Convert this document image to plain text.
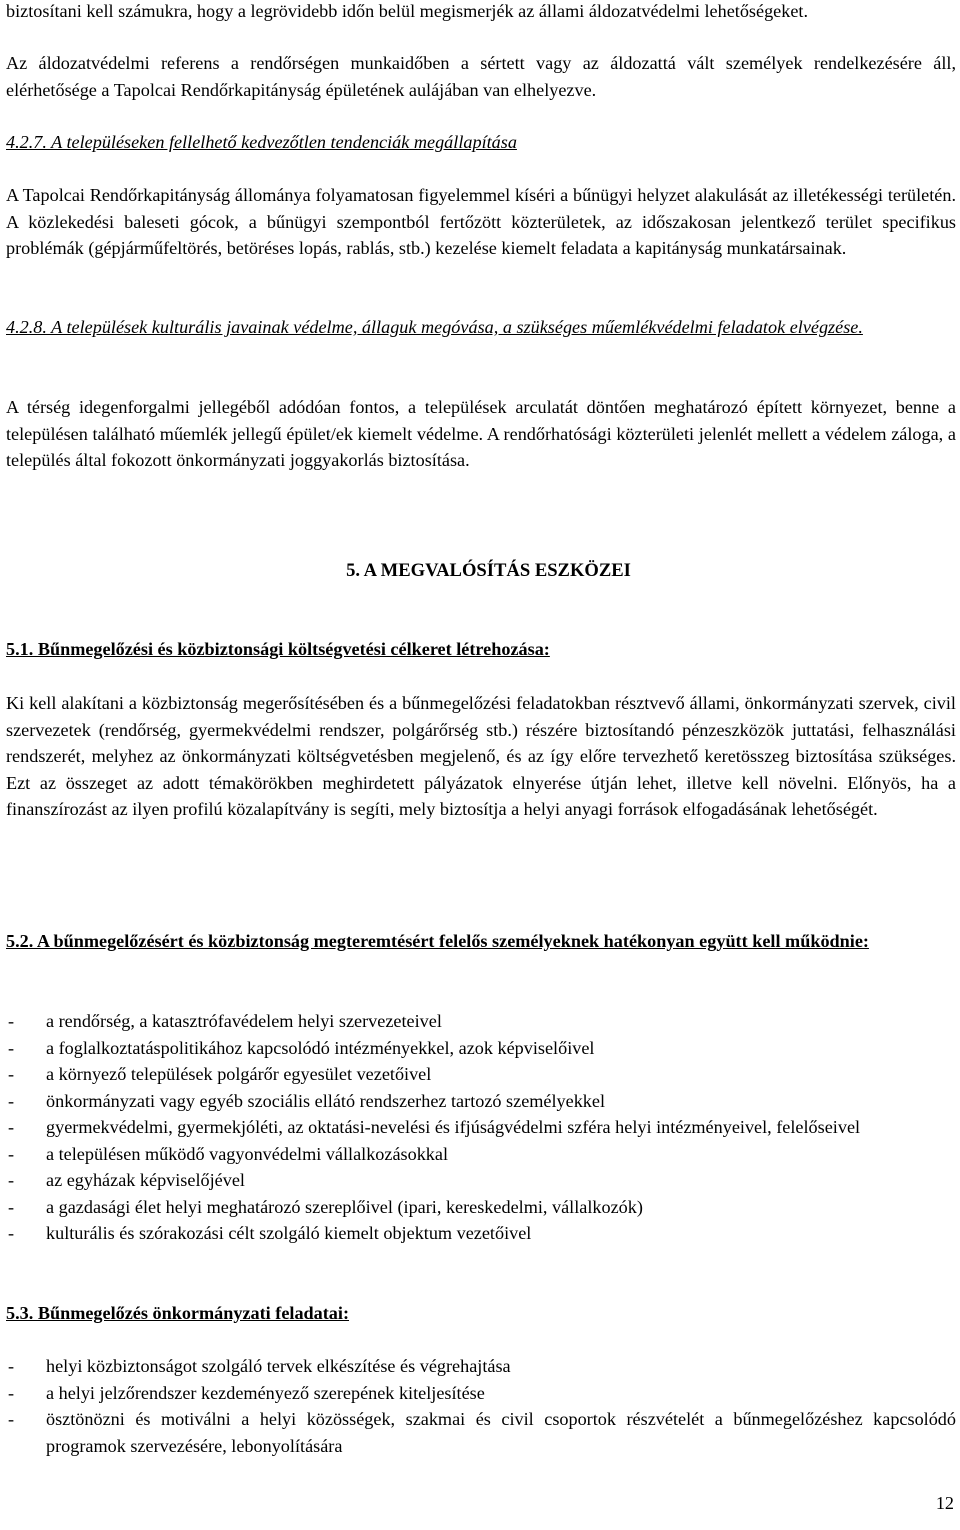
biztosítani kell számukra, hogy a legrövidebb időn belül megismerjék az állami áldozatvédelmi lehetőségeket.

Az áldozatvédelmi referens a rendőrségen munkaidőben a sértett vagy az áldozattá vált személyek rendelkezésére áll, elérhetősége a Tapolcai Rendőrkapitányság épületének aulájában van elhelyezve.

4.2.7. A településeken fellelhető kedvezőtlen tendenciák megállapítása

A Tapolcai Rendőrkapitányság állománya folyamatosan figyelemmel kíséri a bűnügyi helyzet alakulását az illetékességi területén. A közlekedési baleseti gócok, a bűnügyi szempontból fertőzött közterületek, az időszakosan jelentkező terület specifikus problémák (gépjárműfeltörés, betöréses lopás, rablás, stb.) kezelése kiemelt feladata a kapitányság munkatársainak.

4.2.8. A települések kulturális javainak védelme, állaguk megóvása, a szükséges műemlékvédelmi feladatok elvégzése.

A térség idegenforgalmi jellegéből adódóan fontos, a települések arculatát döntően meghatározó épített környezet, benne a településen található műemlék jellegű épület/ek kiemelt védelme. A rendőrhatósági közterületi jelenlét mellett a védelem záloga, a település által fokozott önkormányzati joggyakorlás biztosítása.

5. A MEGVALÓSÍTÁS ESZKÖZEI

5.1. Bűnmegelőzési és közbiztonsági költségvetési célkeret létrehozása:

Ki kell alakítani a közbiztonság megerősítésében és a bűnmegelőzési feladatokban résztvevő állami, önkormányzati szervek, civil szervezetek (rendőrség, gyermekvédelmi rendszer, polgárőrség stb.) részére biztosítandó pénzeszközök juttatási, felhasználási rendszerét, melyhez az önkormányzati költségvetésben megjelenő, és az így előre tervezhető keretösszeg biztosítása szükséges. Ezt az összeget az adott témakörökben meghirdetett pályázatok elnyerése útján lehet, illetve kell növelni. Előnyös, ha a finanszírozást az ilyen profilú közalapítvány is segíti, mely biztosítja a helyi anyagi források elfogadásának lehetőségét.

5.2. A bűnmegelőzésért és közbiztonság megteremtésért felelős személyeknek hatékonyan együtt kell működnie:

- a rendőrség, a katasztrófavédelem helyi szervezeteivel
- a foglalkoztatáspolitikához kapcsolódó intézményekkel, azok képviselőivel
- a környező települések polgárőr egyesület vezetőivel
- önkormányzati vagy egyéb szociális ellátó rendszerhez tartozó személyekkel
- gyermekvédelmi, gyermekjóléti, az oktatási-nevelési és ifjúságvédelmi szféra helyi intézményeivel, felelőseivel
- a településen működő vagyonvédelmi vállalkozásokkal
- az egyházak képviselőjével
- a gazdasági élet helyi meghatározó szereplőivel (ipari, kereskedelmi, vállalkozók)
- kulturális és szórakozási célt szolgáló kiemelt objektum vezetőivel

5.3. Bűnmegelőzés önkormányzati feladatai:

- helyi közbiztonságot szolgáló tervek elkészítése és végrehajtása
- a helyi jelzőrendszer kezdeményező szerepének kiteljesítése
- ösztönözni és motiválni a helyi közösségek, szakmai és civil csoportok részvételét a bűnmegelőzéshez kapcsolódó programok szervezésére, lebonyolítására
12
